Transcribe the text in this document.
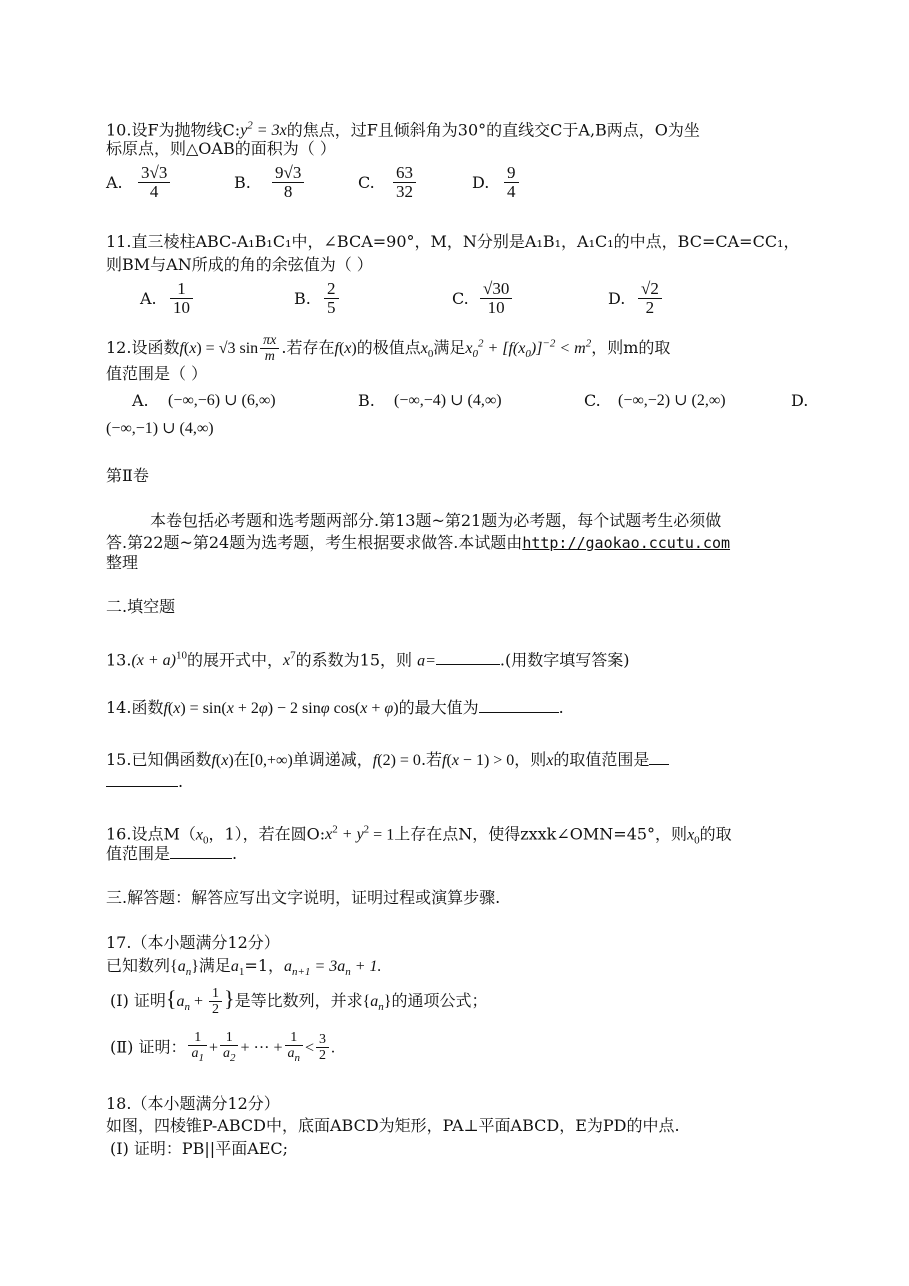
10.设F为抛物线$C:y^2 = 3x$的焦点，过F且倾斜角为30°的直线交C于A,B两点，O为坐
标原点，则△OAB的面积为（ ）
A. $\frac{3√3}{4}$	B. $\frac{9√3}{8}$	C. $\frac{63}{32}$	D. $\frac{9}{4}$
11.直三棱柱ABC-A₁B₁C₁中，∠BCA=90°，M，N分别是A₁B₁，A₁C₁的中点，BC=CA=CC₁，
则BM与AN所成的角的余弦值为（ ）
A. $\frac{1}{10}$	B. $\frac{2}{5}$	C. $\frac{√30}{10}$	D. $\frac{√2}{2}$
12.设函数f(x) = √3 $\sin \frac{\pi x}{m}$ .若存在f(x)的极值点$x_0$满足$x_0^2 + [f(x_0)]^{-2} < m^2$，则m的取
值范围是（ ）
A. (−∞,−6) ∪ (6,∞)	B. (−∞,−4) ∪ (4,∞)	C. (−∞,−2) ∪ (2,∞)	D.
(−∞,−1) ∪ (4,∞)
第Ⅱ卷
本卷包括必考题和选考题两部分.第13题~第21题为必考题，每个试题考生必须做
答.第22题~第24题为选考题，考生根据要求做答.本试题由http://gaokao.ccutu.com
整理
二.填空题
$13.(x + a)^{10}$的展开式中，$x^7$的系数为15，则 a=	.(用数字填写答案)
14.函数f(x) = sin(x + 2φ) − 2 sinφ cos(x + φ)的最大值为	.
15.已知偶函数f(x)在[0,+∞)单调递减，f(2) = 0.若f(x − 1) > 0，则x的取值范围是
.
16.设点$M(x_0$，1），若在圆$O:x^2 + y^2 = 1$上存在点N，使得zxxk∠OMN=45°，则$x_0$的取
值范围是	.
三.解答题：解答应写出文字说明，证明过程或演算步骤.
17.（本小题满分12分）
已知数列$\{a_n\}$满足$a_1=1$，$a_{n+1} = 3a_n + 1$.
(Ⅰ) 证明{$a_n + \frac{1}{2}$ }是等比数列，并求$\{a_n\}$的通项公式；
(Ⅱ) 证明： $\frac{1}{a_1} + \frac{1}{a_2}$ + ··· + $\frac{1}{a_n} < \frac{3}{2}$ .
18.（本小题满分12分）
如图，四棱锥P-ABCD中，底面ABCD为矩形，PA⊥平面ABCD，E为PD的中点.
(Ⅰ) 证明：PB||平面AEC;
